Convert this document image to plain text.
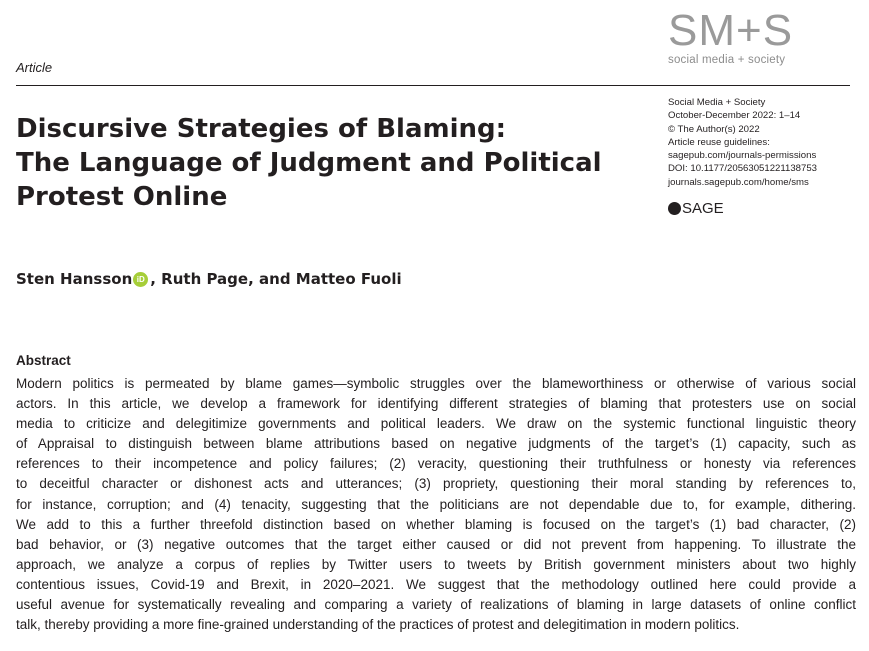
SM+S
social media + society
Article
Discursive Strategies of Blaming:
The Language of Judgment and Political
Protest Online
Social Media + Society
October-December 2022: 1–14
© The Author(s) 2022
Article reuse guidelines:
sagepub.com/journals-permissions
DOI: 10.1177/20563051221138753
journals.sagepub.com/home/sms
SAGE
Sten Hansson iD , Ruth Page, and Matteo Fuoli
Abstract
Modern politics is permeated by blame games—symbolic struggles over the blameworthiness or otherwise of various social
actors. In this article, we develop a framework for identifying different strategies of blaming that protesters use on social
media to criticize and delegitimize governments and political leaders. We draw on the systemic functional linguistic theory
of Appraisal to distinguish between blame attributions based on negative judgments of the target’s (1) capacity, such as
references to their incompetence and policy failures; (2) veracity, questioning their truthfulness or honesty via references
to deceitful character or dishonest acts and utterances; (3) propriety, questioning their moral standing by references to,
for instance, corruption; and (4) tenacity, suggesting that the politicians are not dependable due to, for example, dithering.
We add to this a further threefold distinction based on whether blaming is focused on the target’s (1) bad character, (2)
bad behavior, or (3) negative outcomes that the target either caused or did not prevent from happening. To illustrate the
approach, we analyze a corpus of replies by Twitter users to tweets by British government ministers about two highly
contentious issues, Covid-19 and Brexit, in 2020–2021. We suggest that the methodology outlined here could provide a
useful avenue for systematically revealing and comparing a variety of realizations of blaming in large datasets of online conflict
talk, thereby providing a more fine-grained understanding of the practices of protest and delegitimation in modern politics.
